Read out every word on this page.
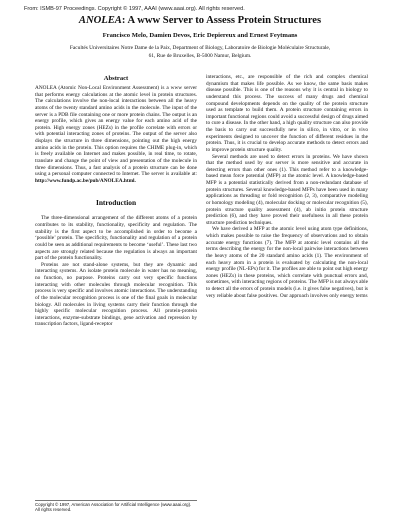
From: ISMB-97 Proceedings. Copyright © 1997, AAAI (www.aaai.org). All rights reserved.
ANOLEA: A www Server to Assess Protein Structures
Francisco Melo, Damien Devos, Eric Depiereux and Ernest Feytmans
Facultés Universitaires Notre Dame de la Paix, Department of Biology, Laboratoire de Biologie Moléculaire Structurale,
61, Rue de Bruxelles, B-5000 Namur, Belgium.
Abstract

ANOLEA (Atomic Non-Local Environment Assessment) is a www server that performs energy calculations at the atomic level in protein structures. The calculations involve the non-local interactions between all the heavy atoms of the twenty standard amino acids in the molecule. The input of the server is a PDB file containing one or more protein chains. The output is an energy profile, which gives an energy value for each amino acid of the protein. High energy zones (HEZs) in the profile correlate with errors or with potential interacting zones of proteins. The output of the server also displays the structure in three dimensions, pointing out the high energy amino acids in the protein. This option requires the CHIME plug-in, which is freely available on Internet and makes possible, in real time, to rotate, translate and change the point of view and presentation of the molecule in three dimensions. Thus, a fast analysis of a protein structure can be done using a personal computer connected to Internet. The server is available at: http://www.fundp.ac.be/pub/ANOLEA.html.

Introduction

The three-dimensional arrangement of the different atoms of a protein contributes to its stability, functionality, specificity and regulation. The stability is the first aspect to be accomplished in order to become a ‘possible’ protein. The specificity, functionality and regulation of a protein could be seen as additional requirements to become ‘useful’. These last two aspects are strongly related because the regulation is always an important part of the protein functionality.

Proteins are not stand-alone systems, but they are dynamic and interacting systems. An isolate protein molecule in water has no meaning, no function, no purpose. Proteins carry out very specific functions interacting with other molecules through molecular recognition. This process is very specific and involves atomic interactions. The understanding of the molecular recognition process is one of the final goals in molecular biology. All molecules in living systems carry their function through the highly specific molecular recognition process. All protein-protein interactions, enzyme-substrate bindings, gene activation and repression by transcription factors, ligand-receptor

Copyright © 1997, American Association for Artificial Intelligence (www.aaai.org). All rights reserved.

interactions, etc., are responsible of the rich and complex chemical dynamism that makes life possible. As we know, the same basis makes disease possible. This is one of the reasons why it is central in biology to understand this process. The success of many drugs and chemical compound developments depends on the quality of the protein structure used as template to build them. A protein structure containing errors in important functional regions could avoid a successful design of drugs aimed to cure a disease. In the other hand, a high quality structure can also provide the basis to carry out successfully new in silico, in vitro, or in vivo experiments designed to uncover the function of different residues in the protein. Thus, it is crucial to develop accurate methods to detect errors and to improve protein structure quality.

Several methods are used to detect errors in proteins. We have shown that the method used by our server is more sensitive and accurate in detecting errors than other ones (1). This method refer to a knowledge-based mean force potential (MFP) at the atomic level. A knowledge-based MFP is a potential statistically derived from a non-redundant database of protein structures. Several knowledge-based MFPs have been used in many applications as threading or fold recognition (2, 3), comparative modeling or homology modeling (4), molecular docking or molecular recognition (5), protein structure quality assessment (4), ab initio protein structure prediction (6), and they have proved their usefulness in all these protein structure prediction techniques.

We have derived a MFP at the atomic level using atom type definitions, which makes possible to raise the frequency of observations and to obtain accurate energy functions (7). The MFP at atomic level contains all the terms describing the energy for the non-local pairwise interactions between the heavy atoms of the 20 standard amino acids (1). The environment of each heavy atom in a protein is evaluated by calculating the non-local energy profile (NL-EPs) for it. The profiles are able to point out high energy zones (HEZs) in these proteins, which correlate with punctual errors and, sometimes, with interacting regions of proteins. The MFP is not always able to detect all the errors of protein models (i.e. it gives false negatives), but is very reliable about false positives. Our approach involves only energy terms
